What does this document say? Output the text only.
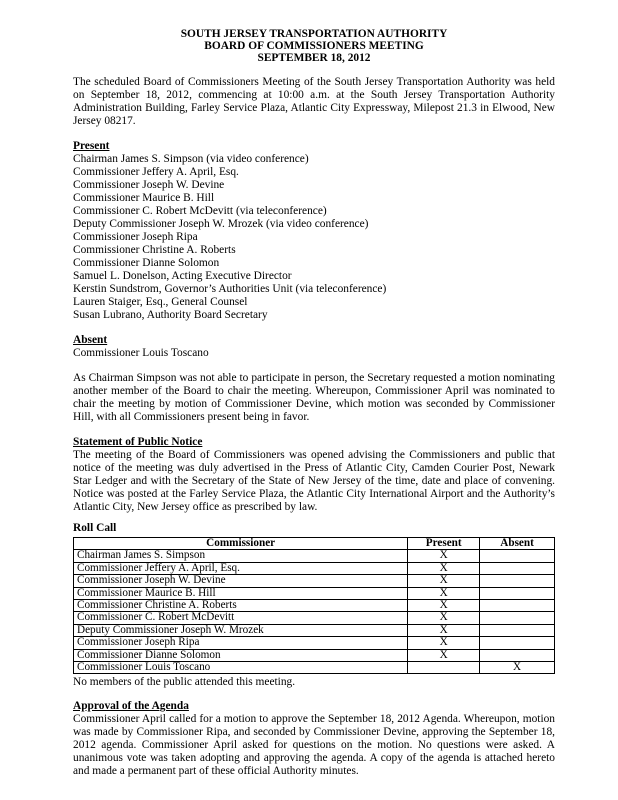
SOUTH JERSEY TRANSPORTATION AUTHORITY
BOARD OF COMMISSIONERS MEETING
SEPTEMBER 18, 2012

The scheduled Board of Commissioners Meeting of the South Jersey Transportation Authority was held on September 18, 2012, commencing at 10:00 a.m. at the South Jersey Transportation Authority Administration Building, Farley Service Plaza, Atlantic City Expressway, Milepost 21.3 in Elwood, New Jersey 08217.

Present
Chairman James S. Simpson (via video conference)
Commissioner Jeffery A. April, Esq.
Commissioner Joseph W. Devine
Commissioner Maurice B. Hill
Commissioner C. Robert McDevitt (via teleconference)
Deputy Commissioner Joseph W. Mrozek (via video conference)
Commissioner Joseph Ripa
Commissioner Christine A. Roberts
Commissioner Dianne Solomon
Samuel L. Donelson, Acting Executive Director
Kerstin Sundstrom, Governor’s Authorities Unit (via teleconference)
Lauren Staiger, Esq., General Counsel
Susan Lubrano, Authority Board Secretary
Absent
Commissioner Louis Toscano

As Chairman Simpson was not able to participate in person, the Secretary requested a motion nominating another member of the Board to chair the meeting. Whereupon, Commissioner April was nominated to chair the meeting by motion of Commissioner Devine, which motion was seconded by Commissioner Hill, with all Commissioners present being in favor.

Statement of Public Notice

The meeting of the Board of Commissioners was opened advising the Commissioners and public that notice of the meeting was duly advertised in the Press of Atlantic City, Camden Courier Post, Newark Star Ledger and with the Secretary of the State of New Jersey of the time, date and place of convening. Notice was posted at the Farley Service Plaza, the Atlantic City International Airport and the Authority’s Atlantic City, New Jersey office as prescribed by law.

Roll Call
Commissioner	Present	Absent
Chairman James S. Simpson	X	
Commissioner Jeffery A. April, Esq.	X	
Commissioner Joseph W. Devine	X	
Commissioner Maurice B. Hill	X	
Commissioner Christine A. Roberts	X	
Commissioner C. Robert McDevitt	X	
Deputy Commissioner Joseph W. Mrozek	X	
Commissioner Joseph Ripa	X	
Commissioner Dianne Solomon	X	
Commissioner Louis Toscano		X

No members of the public attended this meeting.

Approval of the Agenda

Commissioner April called for a motion to approve the September 18, 2012 Agenda. Whereupon, motion was made by Commissioner Ripa, and seconded by Commissioner Devine, approving the September 18, 2012 agenda. Commissioner April asked for questions on the motion. No questions were asked. A unanimous vote was taken adopting and approving the agenda. A copy of the agenda is attached hereto and made a permanent part of these official Authority minutes.
